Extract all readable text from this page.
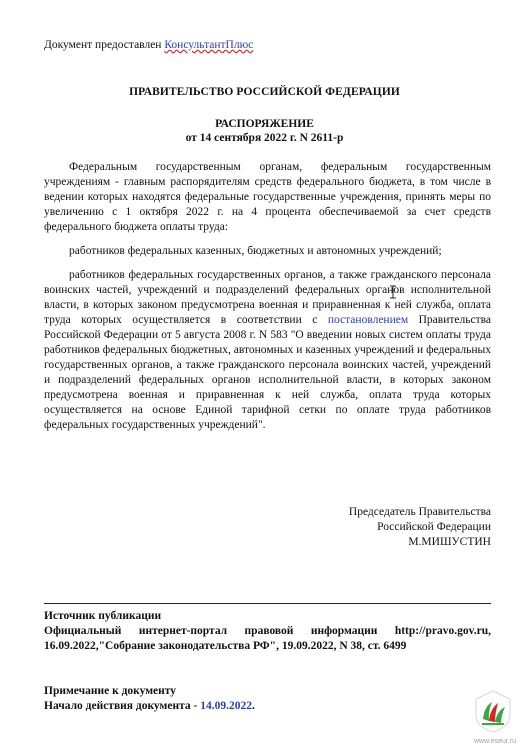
Документ предоставлен КонсультантПлюс
ПРАВИТЕЛЬСТВО РОССИЙСКОЙ ФЕДЕРАЦИИ
РАСПОРЯЖЕНИЕ
от 14 сентября 2022 г. N 2611-р

Федеральным государственным органам, федеральным государственным учреждениям - главным распорядителям средств федерального бюджета, в том числе в ведении которых находятся федеральные государственные учреждения, принять меры по увеличению с 1 октября 2022 г. на 4 процента обеспечиваемой за счет средств федерального бюджета оплаты труда:

работников федеральных казенных, бюджетных и автономных учреждений;

работников федеральных государственных органов, а также гражданского персонала воинских частей, учреждений и подразделений федеральных органов исполнительной власти, в которых законом предусмотрена военная и приравненная к ней служба, оплата труда которых осуществляется в соответствии с постановлением Правительства Российской Федерации от 5 августа 2008 г. N 583 "О введении новых систем оплаты труда работников федеральных бюджетных, автономных и казенных учреждений и федеральных государственных органов, а также гражданского персонала воинских частей, учреждений и подразделений федеральных органов исполнительной власти, в которых законом предусмотрена военная и приравненная к ней служба, оплата труда которых осуществляется на основе Единой тарифной сетки по оплате труда работников федеральных государственных учреждений".

Председатель Правительства
Российской Федерации
М.МИШУСТИН
Источник публикации
Официальный интернет-портал правовой информации http://pravo.gov.ru, 16.09.2022,"Собрание законодательства РФ", 19.09.2022, N 38, ст. 6499
Примечание к документу
Начало действия документа - 14.09.2022.
www.eseur.ru
